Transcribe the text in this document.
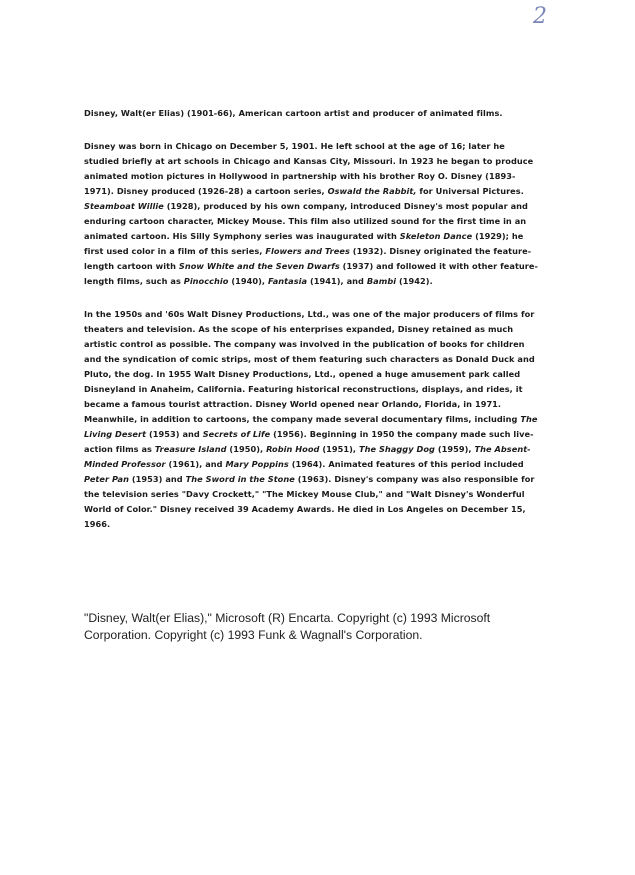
2

Disney, Walt(er Elias) (1901-66), American cartoon artist and producer of animated films.

Disney was born in Chicago on December 5, 1901. He left school at the age of 16; later he studied briefly at art schools in Chicago and Kansas City, Missouri. In 1923 he began to produce animated motion pictures in Hollywood in partnership with his brother Roy O. Disney (1893-1971). Disney produced (1926-28) a cartoon series, Oswald the Rabbit, for Universal Pictures. Steamboat Willie (1928), produced by his own company, introduced Disney's most popular and enduring cartoon character, Mickey Mouse. This film also utilized sound for the first time in an animated cartoon. His Silly Symphony series was inaugurated with Skeleton Dance (1929); he first used color in a film of this series, Flowers and Trees (1932). Disney originated the feature-length cartoon with Snow White and the Seven Dwarfs (1937) and followed it with other feature-length films, such as Pinocchio (1940), Fantasia (1941), and Bambi (1942).

In the 1950s and '60s Walt Disney Productions, Ltd., was one of the major producers of films for theaters and television. As the scope of his enterprises expanded, Disney retained as much artistic control as possible. The company was involved in the publication of books for children and the syndication of comic strips, most of them featuring such characters as Donald Duck and Pluto, the dog. In 1955 Walt Disney Productions, Ltd., opened a huge amusement park called Disneyland in Anaheim, California. Featuring historical reconstructions, displays, and rides, it became a famous tourist attraction. Disney World opened near Orlando, Florida, in 1971. Meanwhile, in addition to cartoons, the company made several documentary films, including The Living Desert (1953) and Secrets of Life (1956). Beginning in 1950 the company made such live-action films as Treasure Island (1950), Robin Hood (1951), The Shaggy Dog (1959), The Absent-Minded Professor (1961), and Mary Poppins (1964). Animated features of this period included Peter Pan (1953) and The Sword in the Stone (1963). Disney's company was also responsible for the television series "Davy Crockett," "The Mickey Mouse Club," and "Walt Disney's Wonderful World of Color." Disney received 39 Academy Awards. He died in Los Angeles on December 15, 1966.

"Disney, Walt(er Elias)," Microsoft (R) Encarta. Copyright (c) 1993 Microsoft Corporation. Copyright (c) 1993 Funk & Wagnall's Corporation.
